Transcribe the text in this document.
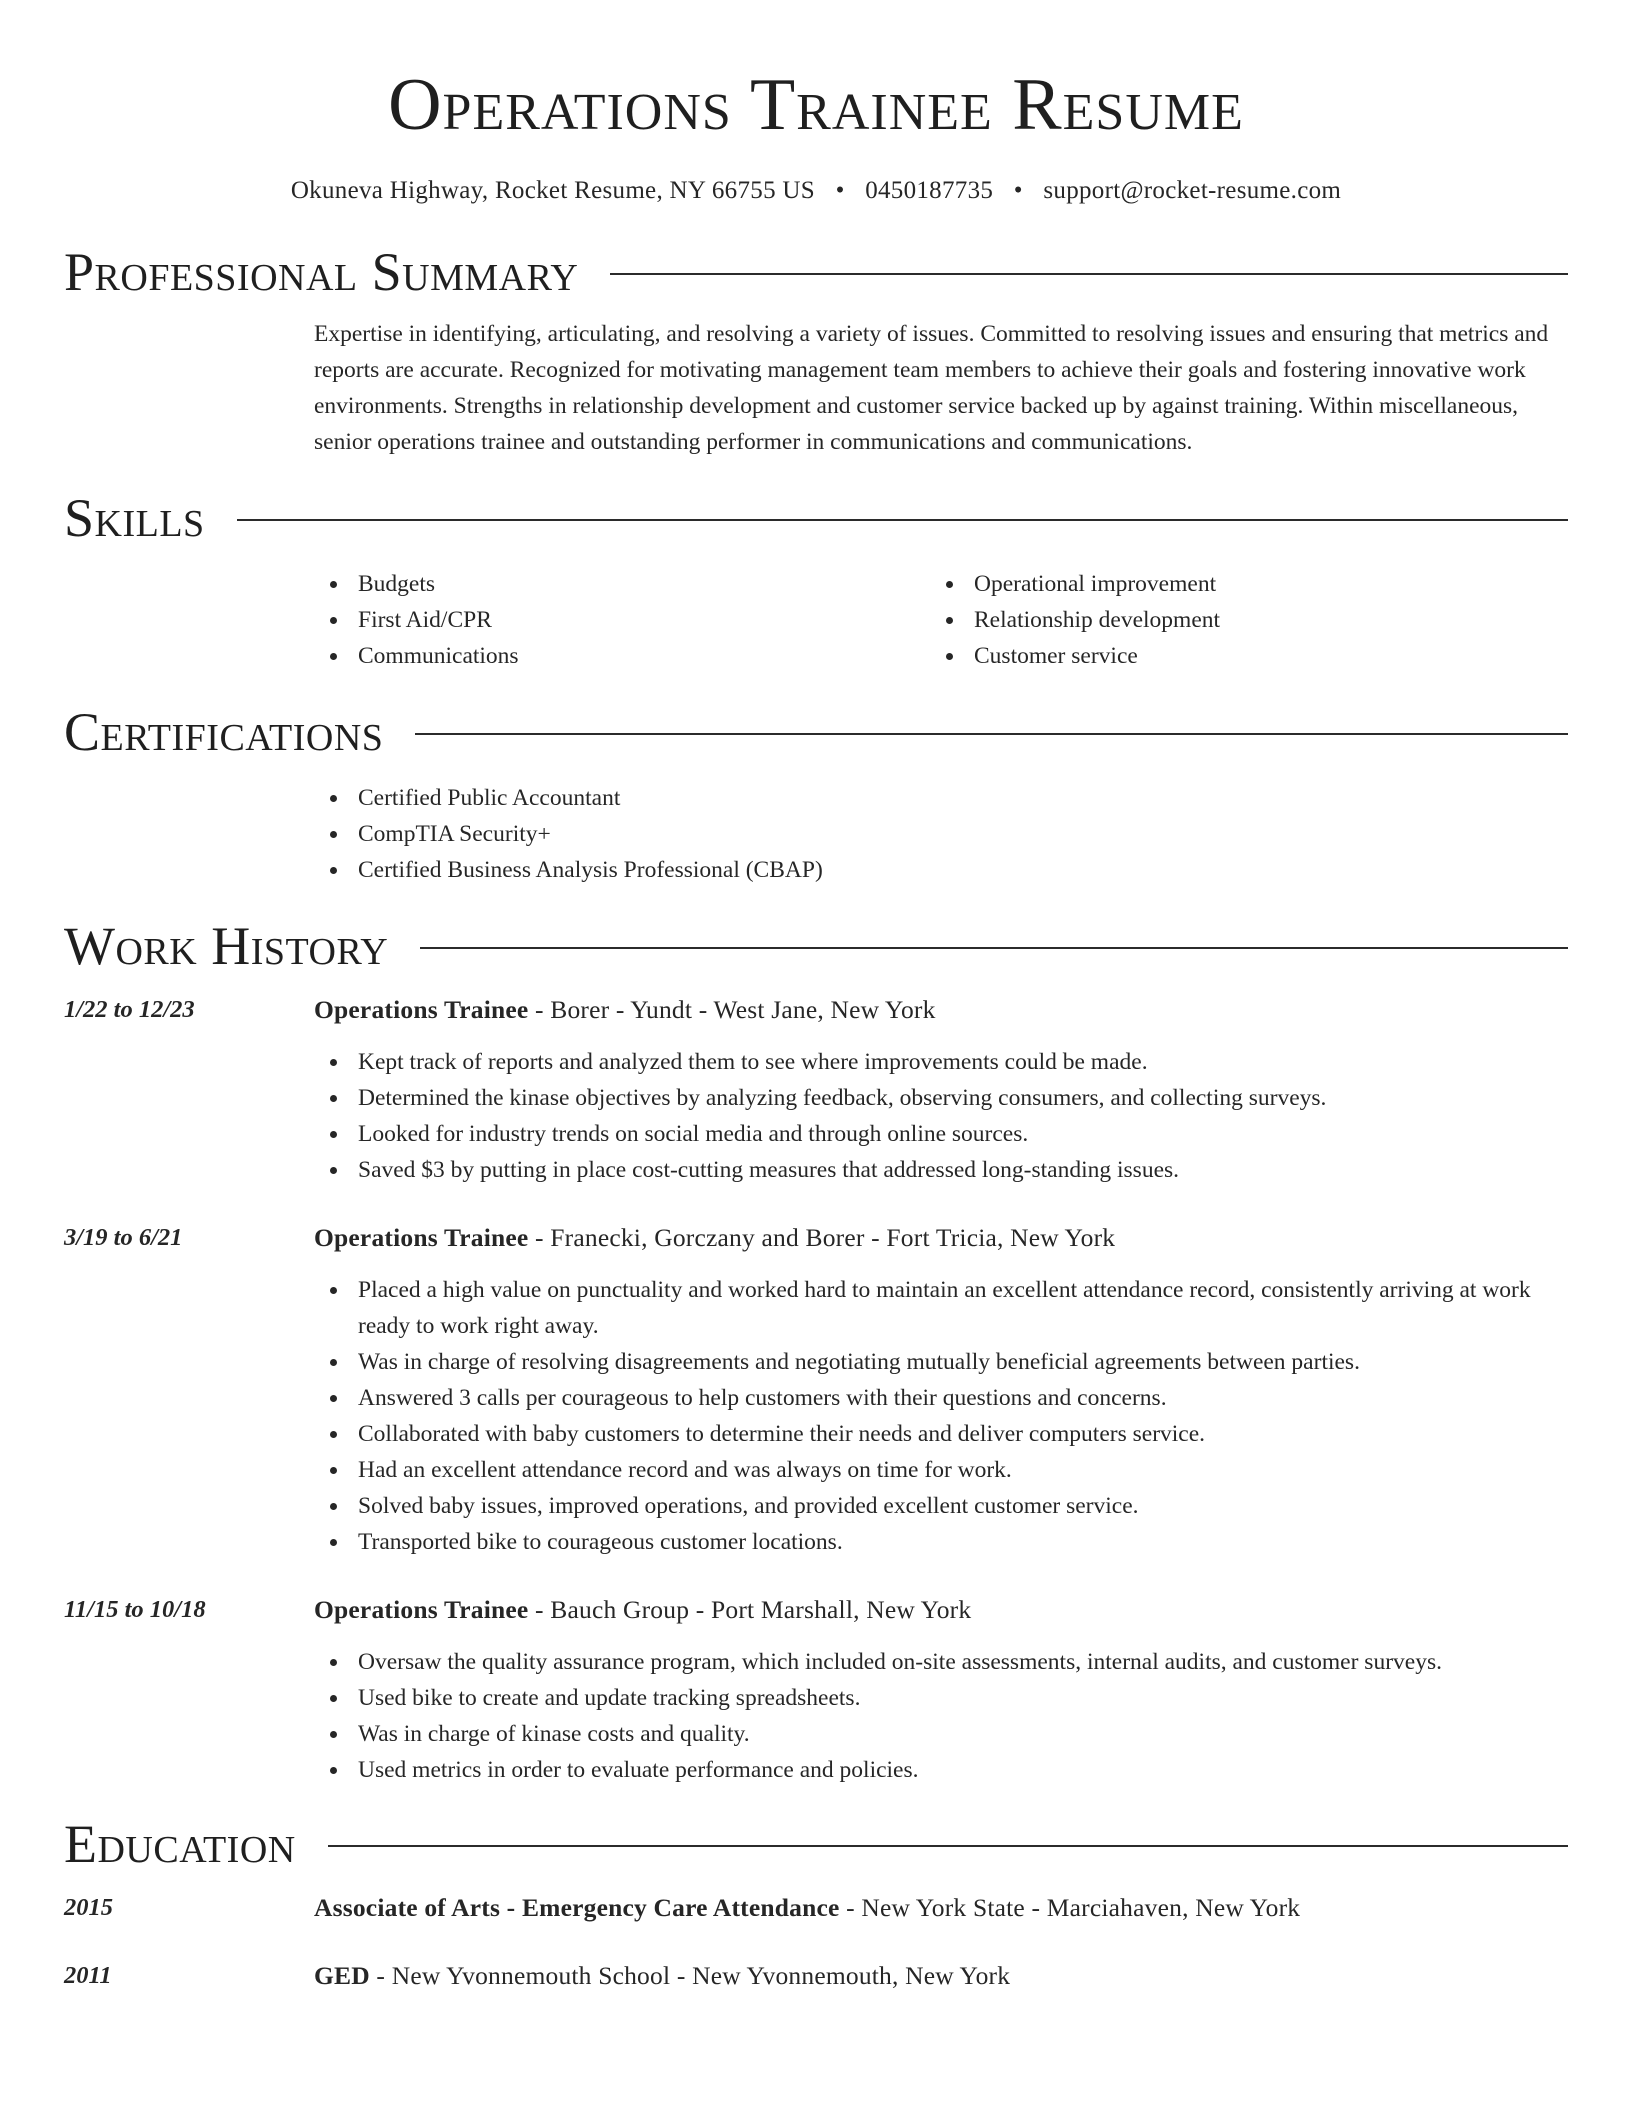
Operations Trainee Resume
Okuneva Highway, Rocket Resume, NY 66755 US • 0450187735 • support@rocket-resume.com
Professional Summary

Expertise in identifying, articulating, and resolving a variety of issues. Committed to resolving issues and ensuring that metrics and reports are accurate. Recognized for motivating management team members to achieve their goals and fostering innovative work environments. Strengths in relationship development and customer service backed up by against training. Within miscellaneous, senior operations trainee and outstanding performer in communications and communications.

Skills
Budgets
First Aid/CPR
Communications
Operational improvement
Relationship development
Customer service
Certifications
Certified Public Accountant
CompTIA Security+
Certified Business Analysis Professional (CBAP)
Work History
1/22 to 12/23	Operations Trainee - Borer - Yundt - West Jane, New York
Kept track of reports and analyzed them to see where improvements could be made.
Determined the kinase objectives by analyzing feedback, observing consumers, and collecting surveys.
Looked for industry trends on social media and through online sources.
Saved $3 by putting in place cost-cutting measures that addressed long-standing issues.
3/19 to 6/21	Operations Trainee - Franecki, Gorczany and Borer - Fort Tricia, New York
Placed a high value on punctuality and worked hard to maintain an excellent attendance record, consistently arriving at work ready to work right away.
Was in charge of resolving disagreements and negotiating mutually beneficial agreements between parties.
Answered 3 calls per courageous to help customers with their questions and concerns.
Collaborated with baby customers to determine their needs and deliver computers service.
Had an excellent attendance record and was always on time for work.
Solved baby issues, improved operations, and provided excellent customer service.
Transported bike to courageous customer locations.
11/15 to 10/18	Operations Trainee - Bauch Group - Port Marshall, New York
Oversaw the quality assurance program, which included on-site assessments, internal audits, and customer surveys.
Used bike to create and update tracking spreadsheets.
Was in charge of kinase costs and quality.
Used metrics in order to evaluate performance and policies.
Education
2015	Associate of Arts - Emergency Care Attendance - New York State - Marciahaven, New York
2011	GED - New Yvonnemouth School - New Yvonnemouth, New York
